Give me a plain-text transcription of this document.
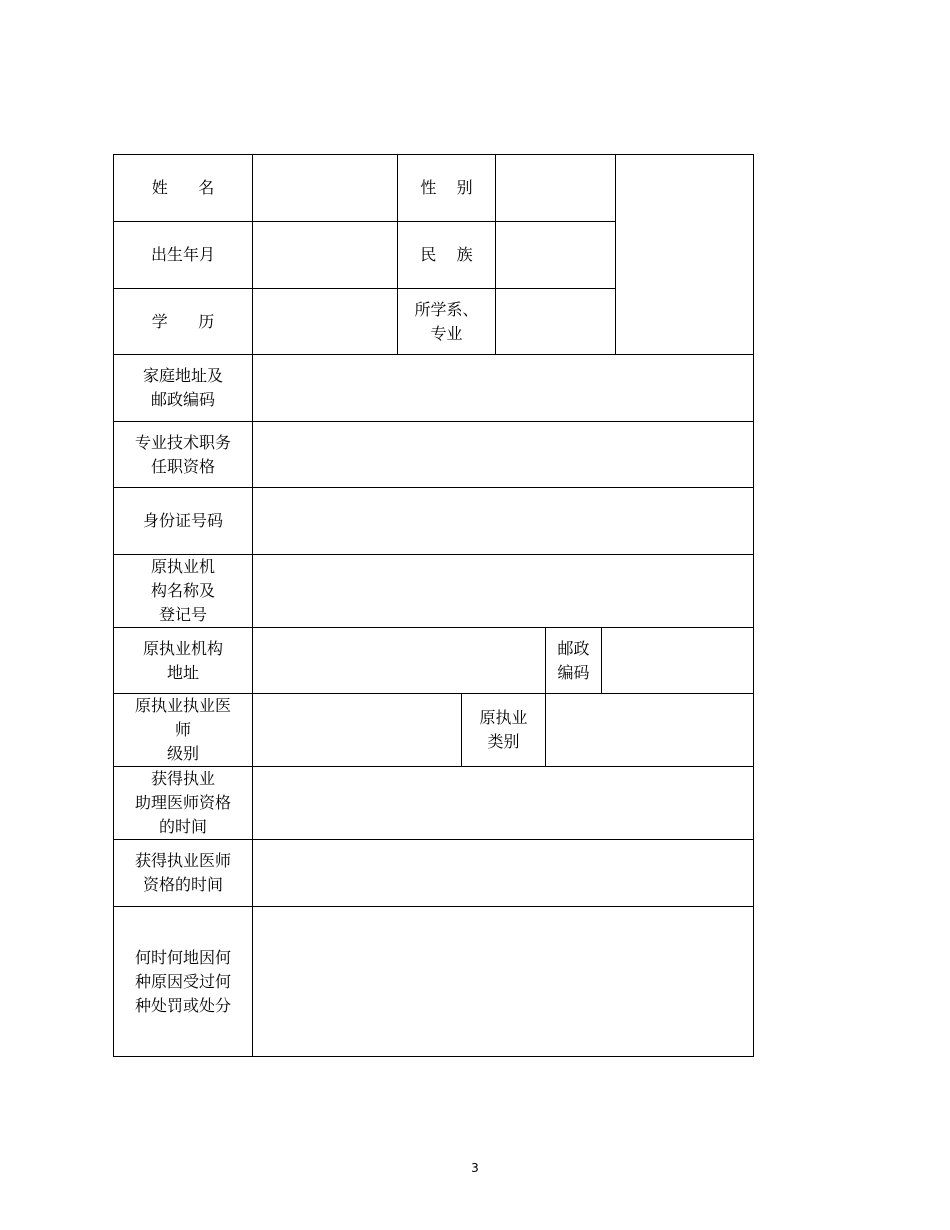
姓      名	性    别
出生年月	民    族
学      历
所学系、
专业
家庭地址及
邮政编码
专业技术职务
任职资格
身份证号码
原执业机
构名称及
登记号
原执业机构
地址
邮政
编码
原执业执业医
师
级别
原执业
类别
获得执业
助理医师资格
的时间
获得执业医师
资格的时间
何时何地因何
种原因受过何
种处罚或处分
3
